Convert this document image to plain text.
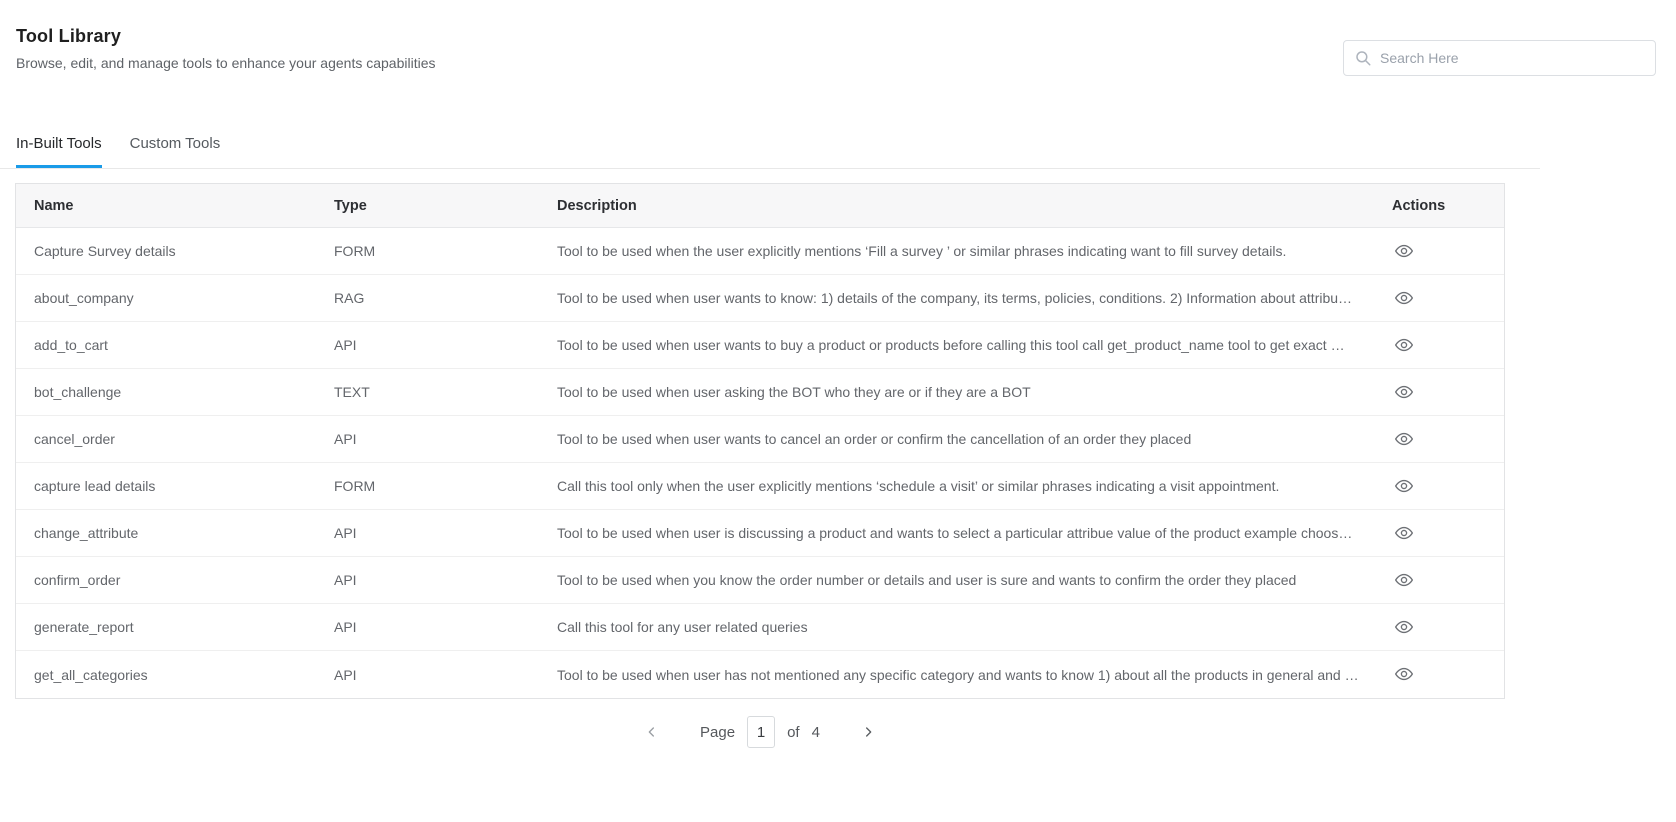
Tool Library
Browse, edit, and manage tools to enhance your agents capabilities
Search Here
In-Built Tools Custom Tools
Name	Type	Description	Actions
Capture Survey details	FORM	Tool to be used when the user explicitly mentions ‘Fill a survey ’ or similar phrases indicating want to fill survey details.
about_company	RAG	Tool to be used when user wants to know: 1) details of the company, its terms, policies, conditions. 2) Information about attribu…
add_to_cart	API	Tool to be used when user wants to buy a product or products before calling this tool call get_product_name tool to get exact …
bot_challenge	TEXT	Tool to be used when user asking the BOT who they are or if they are a BOT
cancel_order	API	Tool to be used when user wants to cancel an order or confirm the cancellation of an order they placed
capture lead details	FORM	Call this tool only when the user explicitly mentions ‘schedule a visit’ or similar phrases indicating a visit appointment.
change_attribute	API	Tool to be used when user is discussing a product and wants to select a particular attribue value of the product example choos…
confirm_order	API	Tool to be used when you know the order number or details and user is sure and wants to confirm the order they placed
generate_report	API	Call this tool for any user related queries
get_all_categories	API	Tool to be used when user has not mentioned any specific category and wants to know 1) about all the products in general and …
Page
1	of 4
